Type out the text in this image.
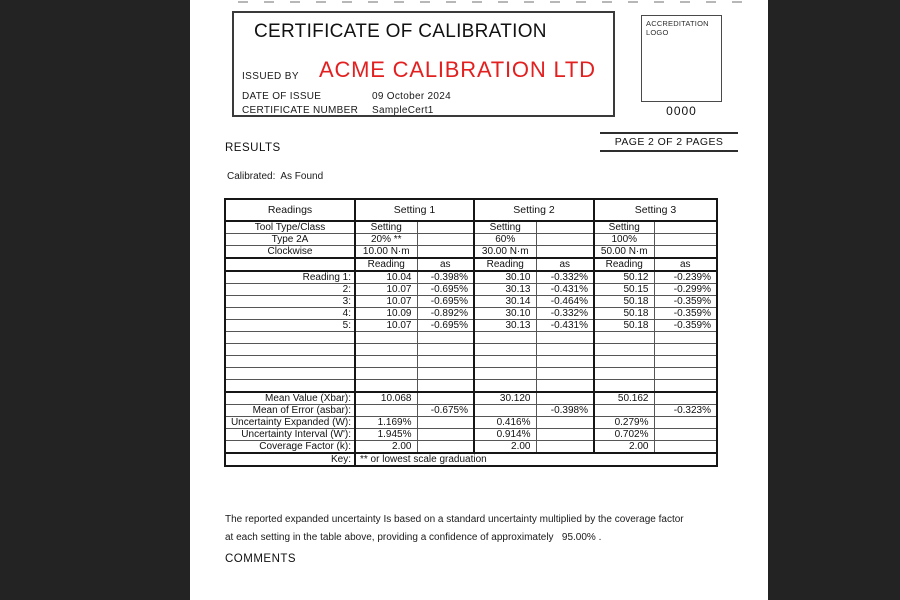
CERTIFICATE OF CALIBRATION
ISSUED BY ACME CALIBRATION LTD
DATE OF ISSUE	09 October 2024
CERTIFICATE NUMBER SampleCert1
ACCREDITATION LOGO
0000
PAGE 2 OF 2 PAGES
RESULTS
Calibrated: As Found
Readings	Setting 1		Setting 2		Setting 3	
Tool Type/Class	Setting		Setting		Setting	
Type 2A	20% **		60%		100%	
Clockwise	10.00 N·m		30.00 N·m		50.00 N·m	
	Reading	as	Reading	as	Reading	as
Reading 1:	10.04	-0.398%	30.10	-0.332%	50.12	-0.239%
2:	10.07	-0.695%	30.13	-0.431%	50.15	-0.299%
3:	10.07	-0.695%	30.14	-0.464%	50.18	-0.359%
4:	10.09	-0.892%	30.10	-0.332%	50.18	-0.359%
5:	10.07	-0.695%	30.13	-0.431%	50.18	-0.359%

Mean Value (Xbar):	10.068		30.120		50.162	
Mean of Error (asbar):		-0.675%		-0.398%		-0.323%
Uncertainty Expanded (W):	1.169%		0.416%		0.279%	
Uncertainty Interval (W'):	1.945%		0.914%		0.702%	
Coverage Factor (k):	2.00		2.00		2.00	
Key:	** or lowest scale graduation					
The reported expanded uncertainty Is based on a standard uncertainty multiplied by the coverage factor
at each setting in the table above, providing a confidence of approximately   95.00% .
COMMENTS
